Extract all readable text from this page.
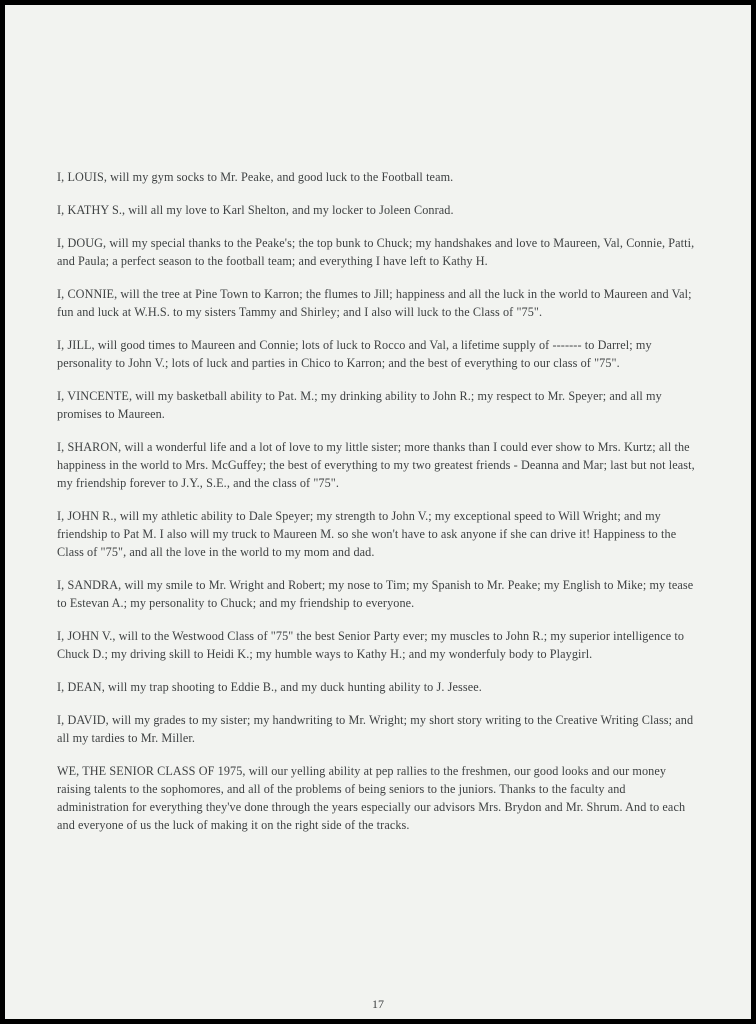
I, LOUIS, will my gym socks to Mr. Peake, and good luck to the Football team.

I, KATHY S., will all my love to Karl Shelton, and my locker to Joleen Conrad.

I, DOUG, will my special thanks to the Peake's; the top bunk to Chuck; my handshakes and love to Maureen, Val, Connie, Patti, and Paula; a perfect season to the football team; and everything I have left to Kathy H.

I, CONNIE, will the tree at Pine Town to Karron; the flumes to Jill; happiness and all the luck in the world to Maureen and Val; fun and luck at W.H.S. to my sisters Tammy and Shirley; and I also will luck to the Class of "75".

I, JILL, will good times to Maureen and Connie; lots of luck to Rocco and Val, a lifetime supply of ------- to Darrel; my personality to John V.; lots of luck and parties in Chico to Karron; and the best of everything to our class of "75".

I, VINCENTE, will my basketball ability to Pat. M.; my drinking ability to John R.; my respect to Mr. Speyer; and all my promises to Maureen.

I, SHARON, will a wonderful life and a lot of love to my little sister; more thanks than I could ever show to Mrs. Kurtz; all the happiness in the world to Mrs. McGuffey; the best of everything to my two greatest friends - Deanna and Mar; last but not least, my friendship forever to J.Y., S.E., and the class of "75".

I, JOHN R., will my athletic ability to Dale Speyer; my strength to John V.; my exceptional speed to Will Wright; and my friendship to Pat M. I also will my truck to Maureen M. so she won't have to ask anyone if she can drive it! Happiness to the Class of "75", and all the love in the world to my mom and dad.

I, SANDRA, will my smile to Mr. Wright and Robert; my nose to Tim; my Spanish to Mr. Peake; my English to Mike; my tease to Estevan A.; my personality to Chuck; and my friendship to everyone.

I, JOHN V., will to the Westwood Class of "75" the best Senior Party ever; my muscles to John R.; my superior intelligence to Chuck D.; my driving skill to Heidi K.; my humble ways to Kathy H.; and my wonderfuly body to Playgirl.

I, DEAN, will my trap shooting to Eddie B., and my duck hunting ability to J. Jessee.

I, DAVID, will my grades to my sister; my handwriting to Mr. Wright; my short story writing to the Creative Writing Class; and all my tardies to Mr. Miller.

WE, THE SENIOR CLASS OF 1975, will our yelling ability at pep rallies to the freshmen, our good looks and our money raising talents to the sophomores, and all of the problems of being seniors to the juniors. Thanks to the faculty and administration for everything they've done through the years especially our advisors Mrs. Brydon and Mr. Shrum. And to each and everyone of us the luck of making it on the right side of the tracks.

17
